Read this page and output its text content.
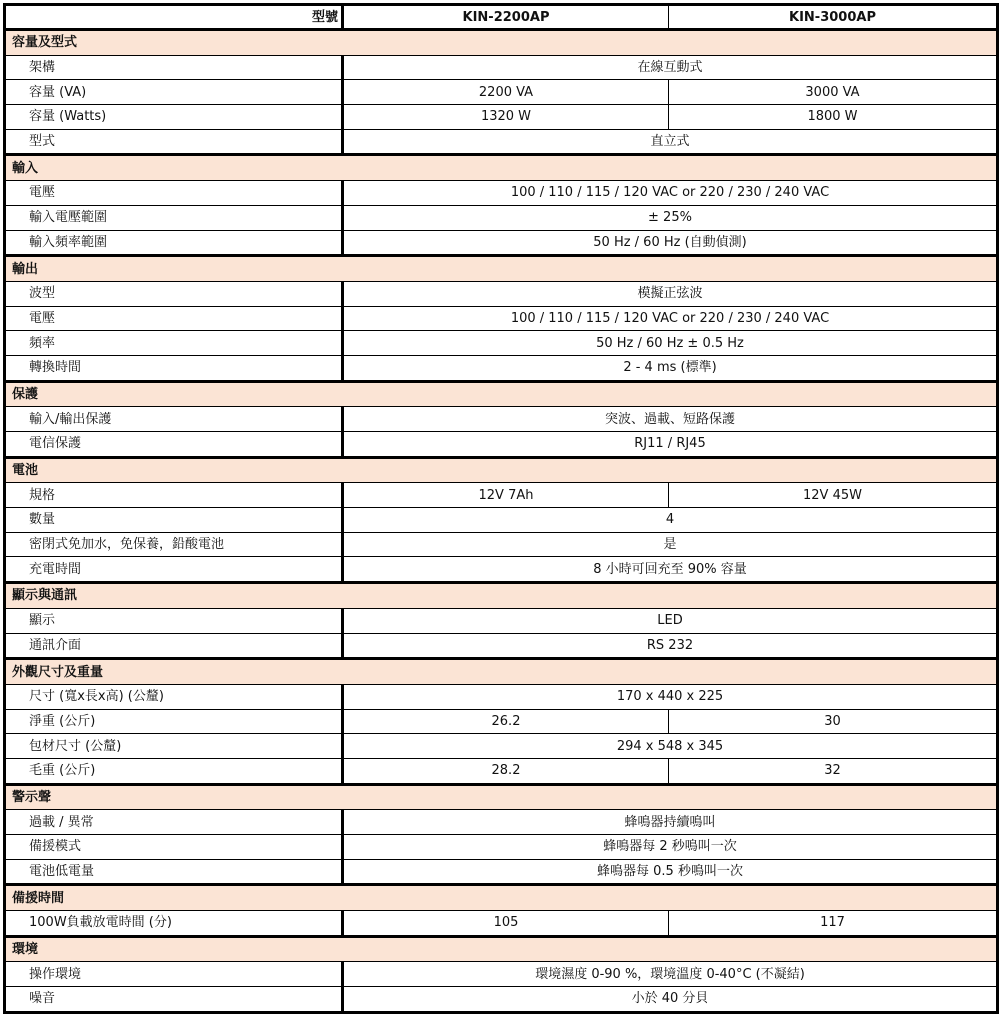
型號	KIN-2200AP	KIN-3000AP
容量及型式		
架構	在線互動式	
容量 (VA)	2200 VA	3000 VA
容量 (Watts)	1320 W	1800 W
型式	直立式	
輸入		
電壓	100 / 110 / 115 / 120 VAC or 220 / 230 / 240 VAC	
輸入電壓範圍	± 25%	
輸入頻率範圍	50 Hz / 60 Hz (自動偵測)	
輸出		
波型	模擬正弦波	
電壓	100 / 110 / 115 / 120 VAC or 220 / 230 / 240 VAC	
頻率	50 Hz / 60 Hz ± 0.5 Hz	
轉換時間	2 - 4 ms (標準)	
保護		
輸入/輸出保護	突波、過載、短路保護	
電信保護	RJ11 / RJ45	
電池		
規格	12V 7Ah	12V 45W
數量	4	
密閉式免加水，免保養，鉛酸電池	是	
充電時間	8 小時可回充至 90% 容量	
顯示與通訊		
顯示	LED	
通訊介面	RS 232	
外觀尺寸及重量		
尺寸 (寬x長x高) (公釐)	170 x 440 x 225	
淨重 (公斤)	26.2	30
包材尺寸 (公釐)	294 x 548 x 345	
毛重 (公斤)	28.2	32
警示聲		
過載 / 異常	蜂鳴器持續鳴叫	
備援模式	蜂鳴器每 2 秒鳴叫一次	
電池低電量	蜂鳴器每 0.5 秒鳴叫一次	
備援時間		
100W負載放電時間 (分)	105	117
環境		
操作環境	環境濕度 0-90 %，環境溫度 0-40°C (不凝結)	
噪音	小於 40 分貝	
